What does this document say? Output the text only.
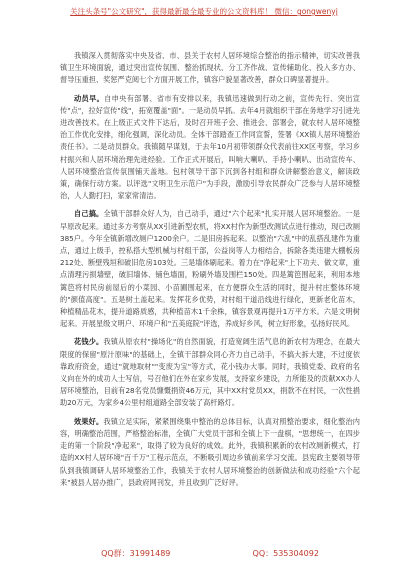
关注头条号"公文研究"，获得最新最全最专业的公文资料库！ 微信：gongwenyj

我镇深入贯彻落实中央及省、市、县关于农村人居环境综合整治的指示精神，切实改善我镇卫生环境面貌，通过突出宣传氛围、整治抓现状、分工齐作战、宣传辅助化、投入多方办、督导压重担、奖惩严克阅七个方面开展工作，镇容户貌显著改善，群众口碑显著提升。

动员早。自申央有部署、省市有安排以来，我镇迅速做到行动之前，宣传先行、突出宣传"点"，拉好宣传"线"，拓宽覆盖"面"。一是动员早抓。去年4月就组织干部在务地学习引进先进改善技术。在上级正式文件下达后，及时召开班子会、推进会、部署会，就农村人居环境整治工作优化安排，细化强调，深化动员。全体干部踏查工作同宣誓，签署《XX镇人居环境整治责任书》。二是动员群众。我镇随早谋划，于去年10月初带领群众代表前往XX区考察，学习乡村振兴和人居环境治理先进经验。工作正式开展后，叫响大喇叭、手持小喇叭、出动宣传车、人居环境整治宣传氛围铺天盖地。包村领导干部下沉到各村组和群众讲解整治意义，解读政策，确保行动方案。以评选"文明卫生示范户"为手段，激励引导农民群众广泛参与人居环境整治，人人勤打扫，家家常清洁。

自己搞。全镇干部群众好人为，自己动手，通过"六个起来"扎实开展人居环境整治。一是早原改起来。通过多方考察从XX引进新型农机，将XX村作为新型改测试点进行推动，现已改厕385户。今年全镇新增改厕户1200余户。二是旧房拆起来。以整治"六乱"中的乱搭乱建作为重点，通过上级手，控私搭大型机械与村组干部，公益岗等人力相结合，拆除各类违建大棚板房212处、断壁残垣和破旧危房103处。三是墙体刷起来。着力在"净起来"上下功夫、做文章，重点清理污损墙壁，破旧墙体、铺色墙面，粉刷外墙及围栏150处。四是篱笆围起来，利用本地篱笆将村民房前屋后的小菜园、小苗圃围起来，在方便群众生活的同时，提升村庄整体环境的"颜值高度"。五是树土盖起来。发挥花乡优势，对村组干道沿线进行绿化，更新老化苗木，种植精品花木，提升道路质感，共种植苗木1千余株，镇容景观再提升1万平方米。六是文明树起来。开展星级文明户、环境户和"五美庭院"评选，养成好乡风，树立好形象，弘扬好民风。

花钱少。我镇从原农村"操场化"的自然面貌，打造宽阔生活气息的新农村为理念，在最大限度的保留"原汁原味"的基础上，全镇干部群众同心齐力自己动手，不搞大拆大建，不过度依靠政府资金，通过"就地取材""变废为宝"等方式，花小钱办大事。同时，我镇党委、政府的名义向在外的成功人士写信，号召他们在外在家乡发展，支持家乡建设，力所能及的贡献XX办人居环境整治，目前有28名党员慷慨捐资46万元，其中XX村党员XX，捐款不在村民，一次性捐助20万元，为家乡4公里村组道路全部安装了高杆路灯。

效果好。我镇立足实际，紧紧围绕集中整治的总体目标，认真对照整治要求，细化整治内容，明确整治范围，严格整治标准，全镇广大党员干部和全镇上下一盘棋，"思想统一，在四步走的第一个阶段"净起来"，取得了较为良好的成效。此外，我镇积累新的农村改厕新模式，打造的XX村人居环境"百千万"工程示范点，不断吸引周边乡镇前来学习交流。县宪政主要领导带队到我镇调研人居环境整治工作，我镇关于农村人居环境整治的创新做法和成功经验"六个起来"被县人居办推广，县政府网刊发，并且收到广泛好评。

QQ群：31991489	QQ：535304092
